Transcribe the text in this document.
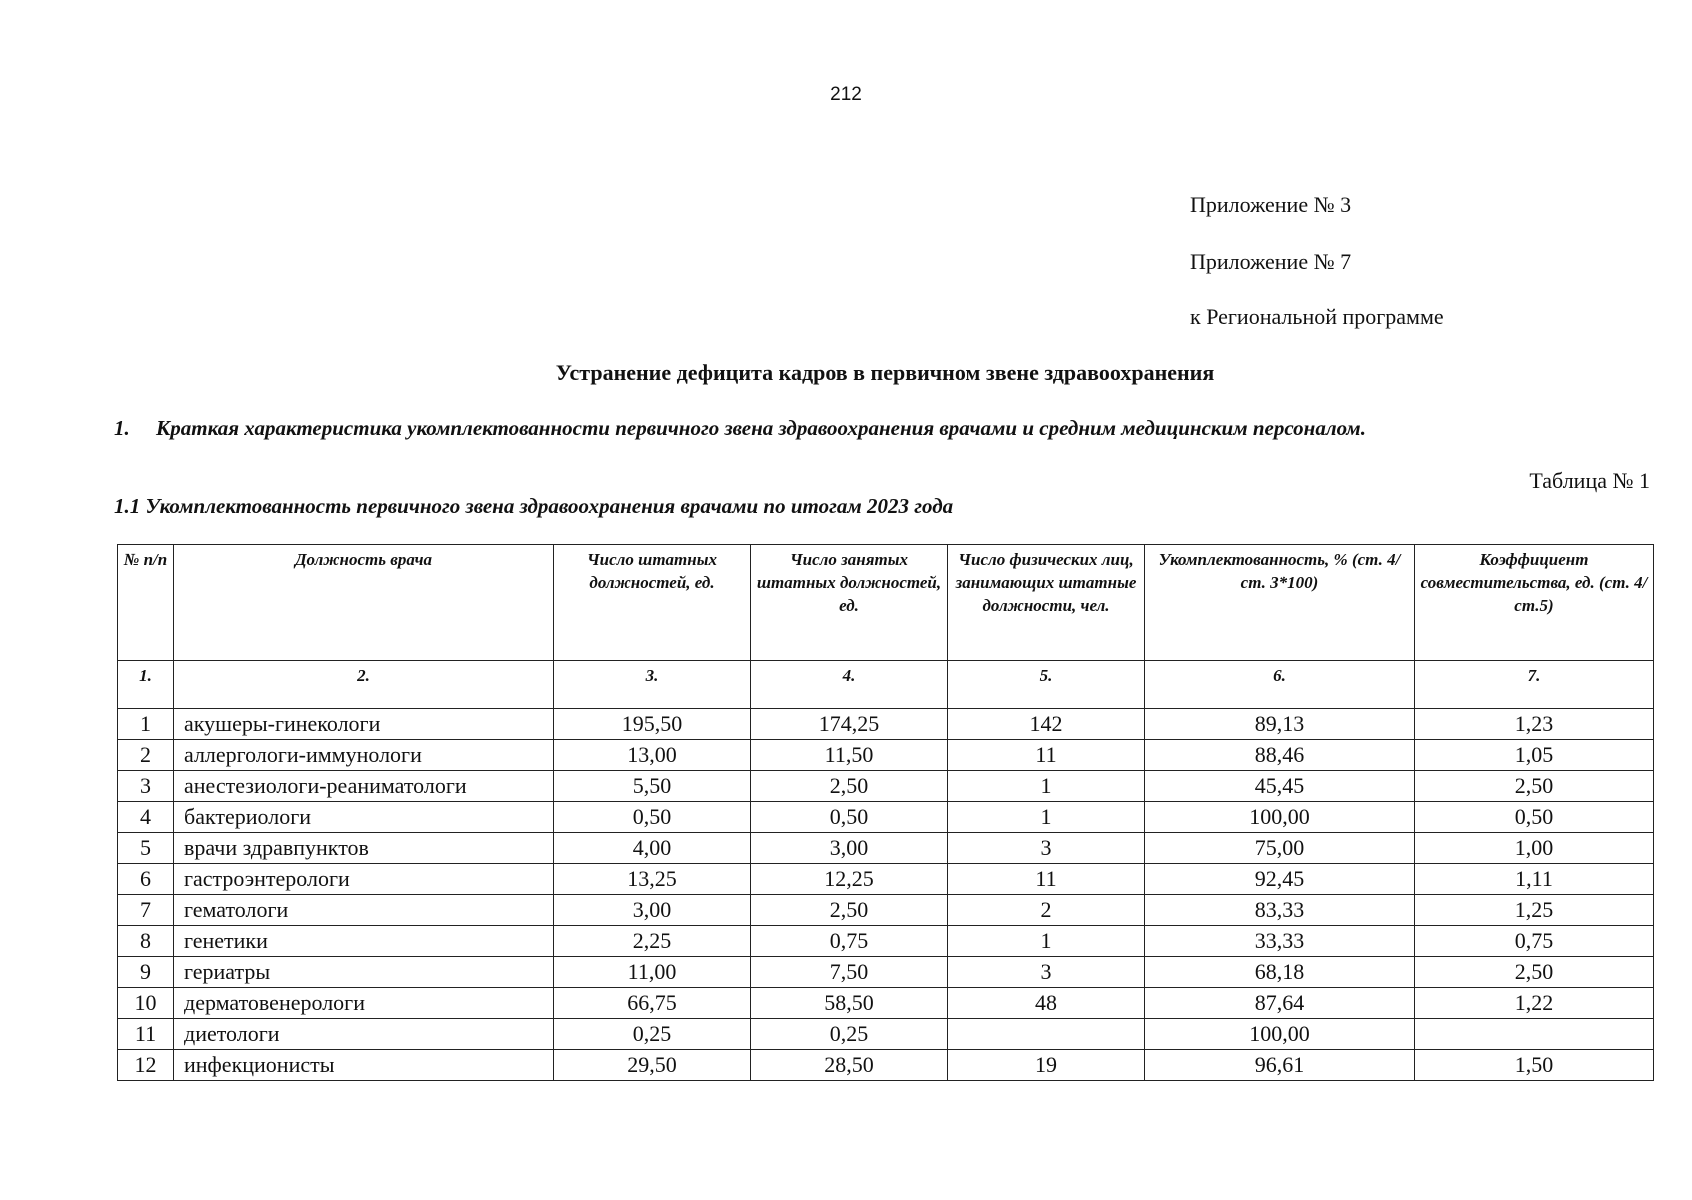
212
Приложение № 3
Приложение № 7
к Региональной программе
Устранение дефицита кадров в первичном звене здравоохранения
1. Краткая характеристика укомплектованности первичного звена здравоохранения врачами и средним медицинским персоналом.
Таблица № 1
1.1 Укомплектованность первичного звена здравоохранения врачами по итогам 2023 года
№ п/п	Должность врача	Число штатных должностей, ед.	Число занятых штатных должностей, ед.	Число физических лиц, занимающих штатные должности, чел.	Укомплектованность, % (ст. 4/ст. 3*100)	Коэффициент совместительства, ед. (ст. 4/ст.5)
1.	2.	3.	4.	5.	6.	7.
1	акушеры-гинекологи	195,50	174,25	142	89,13	1,23
2	аллергологи-иммунологи	13,00	11,50	11	88,46	1,05
3	анестезиологи-реаниматологи	5,50	2,50	1	45,45	2,50
4	бактериологи	0,50	0,50	1	100,00	0,50
5	врачи здравпунктов	4,00	3,00	3	75,00	1,00
6	гастроэнтерологи	13,25	12,25	11	92,45	1,11
7	гематологи	3,00	2,50	2	83,33	1,25
8	генетики	2,25	0,75	1	33,33	0,75
9	гериатры	11,00	7,50	3	68,18	2,50
10	дерматовенерологи	66,75	58,50	48	87,64	1,22
11	диетологи	0,25	0,25		100,00	
12	инфекционисты	29,50	28,50	19	96,61	1,50
